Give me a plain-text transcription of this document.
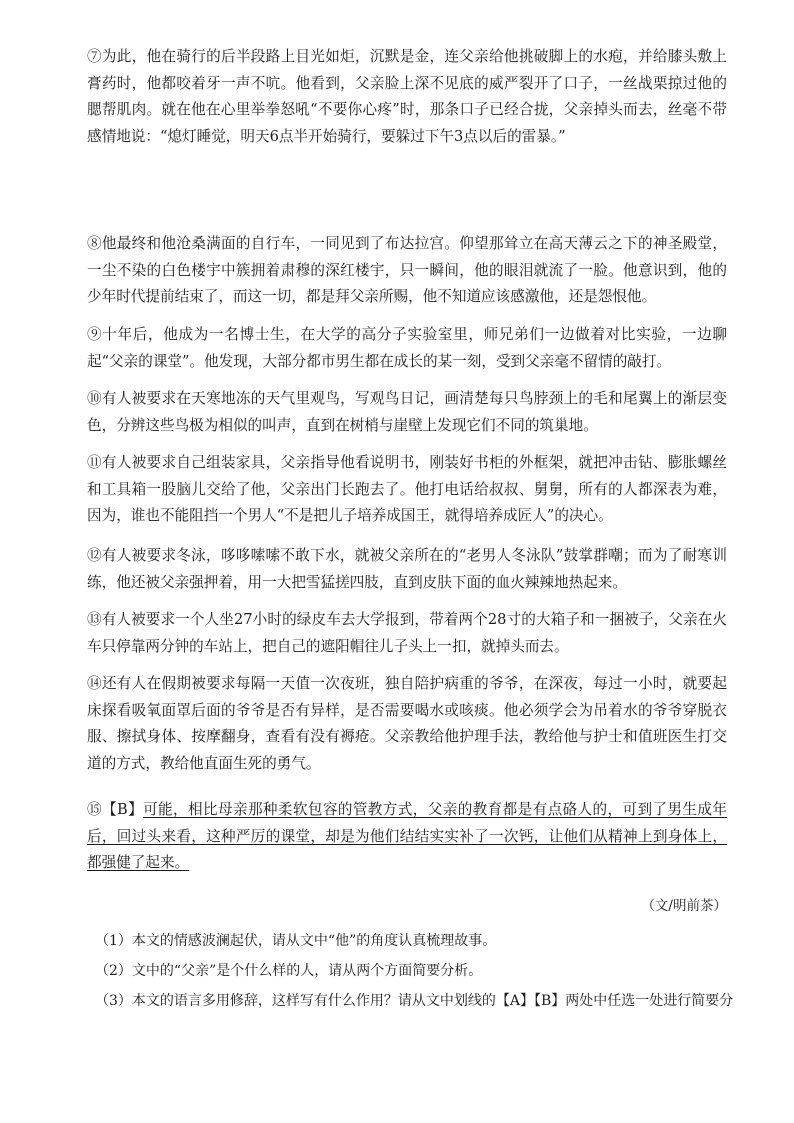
⑦为此，他在骑行的后半段路上目光如炬，沉默是金，连父亲给他挑破脚上的水疱，并给膝头敷上膏药时，他都咬着牙一声不吭。他看到，父亲脸上深不见底的威严裂开了口子，一丝战栗掠过他的腮帮肌肉。就在他在心里举拳怒吼“不要你心疼”时，那条口子已经合拢，父亲掉头而去，丝毫不带感情地说：“熄灯睡觉，明天6点半开始骑行，要躲过下午3点以后的雷暴。”

⑧他最终和他沧桑满面的自行车，一同见到了布达拉宫。仰望那耸立在高天薄云之下的神圣殿堂，一尘不染的白色楼宇中簇拥着肃穆的深红楼宇，只一瞬间，他的眼泪就流了一脸。他意识到，他的少年时代提前结束了，而这一切，都是拜父亲所赐，他不知道应该感激他，还是怨恨他。

⑨十年后，他成为一名博士生，在大学的高分子实验室里，师兄弟们一边做着对比实验，一边聊起“父亲的课堂”。他发现，大部分都市男生都在成长的某一刻，受到父亲毫不留情的敲打。

⑩有人被要求在天寒地冻的天气里观鸟，写观鸟日记，画清楚每只鸟脖颈上的毛和尾翼上的渐层变色，分辨这些鸟极为相似的叫声，直到在树梢与崖壁上发现它们不同的筑巢地。

⑪有人被要求自己组装家具，父亲指导他看说明书，刚装好书柜的外框架，就把冲击钻、膨胀螺丝和工具箱一股脑儿交给了他，父亲出门长跑去了。他打电话给叔叔、舅舅，所有的人都深表为难，因为，谁也不能阻挡一个男人“不是把儿子培养成国王，就得培养成匠人”的决心。

⑫有人被要求冬泳，哆哆嗦嗦不敢下水，就被父亲所在的“老男人冬泳队”鼓掌群嘲；而为了耐寒训练，他还被父亲强押着，用一大把雪猛搓四肢，直到皮肤下面的血火辣辣地热起来。

⑬有人被要求一个人坐27小时的绿皮车去大学报到，带着两个28寸的大箱子和一捆被子，父亲在火车只停靠两分钟的车站上，把自己的遮阳帽往儿子头上一扣，就掉头而去。

⑭还有人在假期被要求每隔一天值一次夜班，独自陪护病重的爷爷，在深夜，每过一小时，就要起床探看吸氧面罩后面的爷爷是否有异样，是否需要喝水或咳痰。他必须学会为吊着水的爷爷穿脱衣服、擦拭身体、按摩翻身，查看有没有褥疮。父亲教给他护理手法，教给他与护士和值班医生打交道的方式，教给他直面生死的勇气。

⑮【B】可能，相比母亲那种柔软包容的管教方式，父亲的教育都是有点硌人的，可到了男生成年后，回过头来看，这种严厉的课堂，却是为他们结结实实补了一次钙，让他们从精神上到身体上，都强健了起来。

（文/明前茶）
（1）本文的情感波澜起伏，请从文中“他”的角度认真梳理故事。
（2）文中的“父亲”是个什么样的人，请从两个方面简要分析。
（3）本文的语言多用修辞，这样写有什么作用？请从文中划线的【A】【B】两处中任选一处进行简要分
